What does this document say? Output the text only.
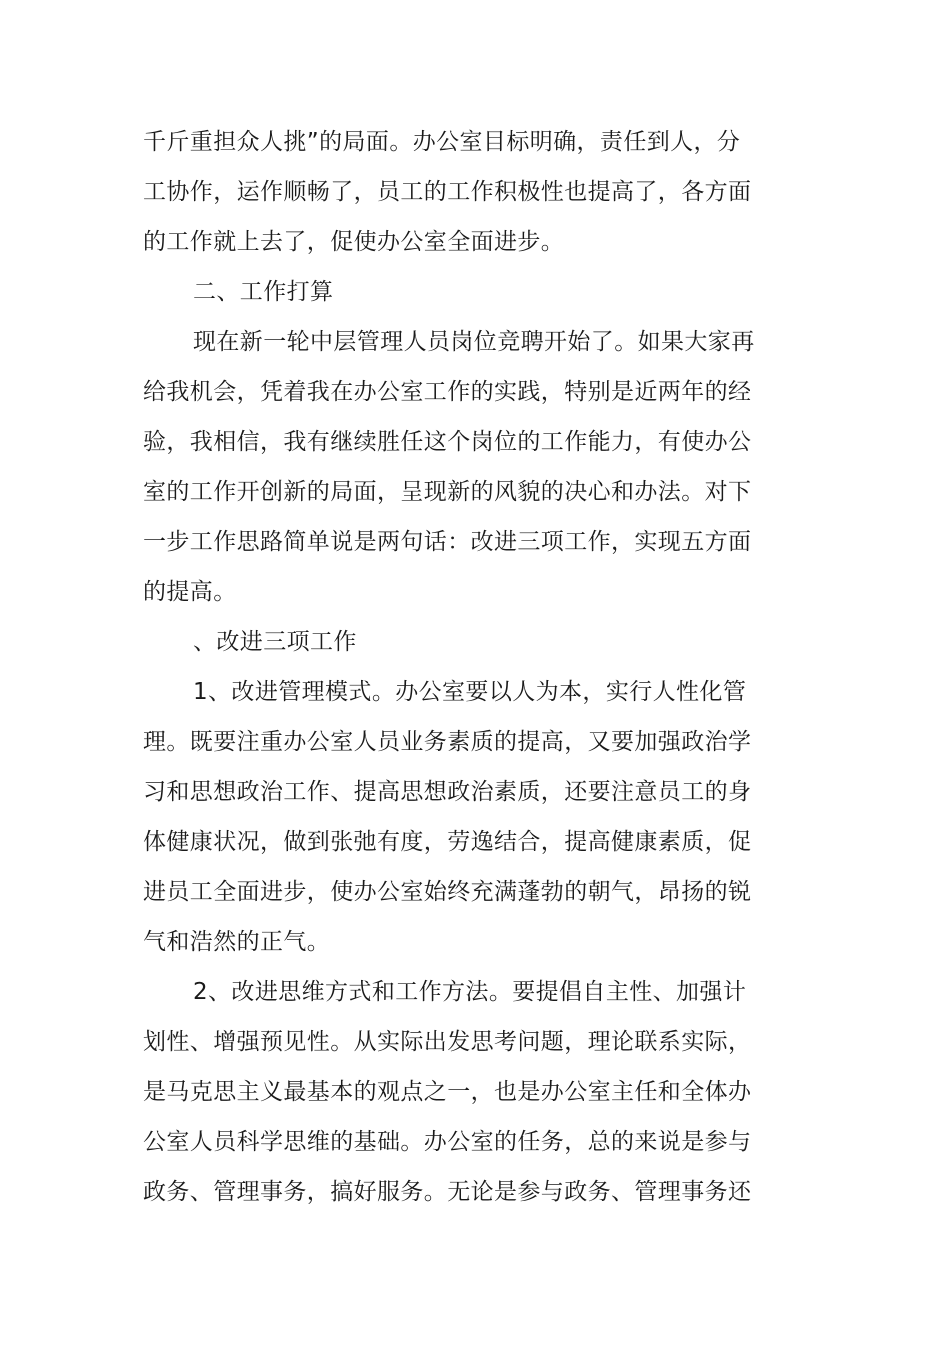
千斤重担众人挑”的局面。办公室目标明确，责任到人，分
工协作，运作顺畅了，员工的工作积极性也提高了，各方面
的工作就上去了，促使办公室全面进步。
二、工作打算
现在新一轮中层管理人员岗位竞聘开始了。如果大家再
给我机会，凭着我在办公室工作的实践，特别是近两年的经
验，我相信，我有继续胜任这个岗位的工作能力，有使办公
室的工作开创新的局面，呈现新的风貌的决心和办法。对下
一步工作思路简单说是两句话：改进三项工作，实现五方面
的提高。
、改进三项工作
1、改进管理模式。办公室要以人为本，实行人性化管
理。既要注重办公室人员业务素质的提高，又要加强政治学
习和思想政治工作、提高思想政治素质，还要注意员工的身
体健康状况，做到张弛有度，劳逸结合，提高健康素质，促
进员工全面进步，使办公室始终充满蓬勃的朝气，昂扬的锐
气和浩然的正气。
2、改进思维方式和工作方法。要提倡自主性、加强计
划性、增强预见性。从实际出发思考问题，理论联系实际，
是马克思主义最基本的观点之一，也是办公室主任和全体办
公室人员科学思维的基础。办公室的任务，总的来说是参与
政务、管理事务，搞好服务。无论是参与政务、管理事务还
